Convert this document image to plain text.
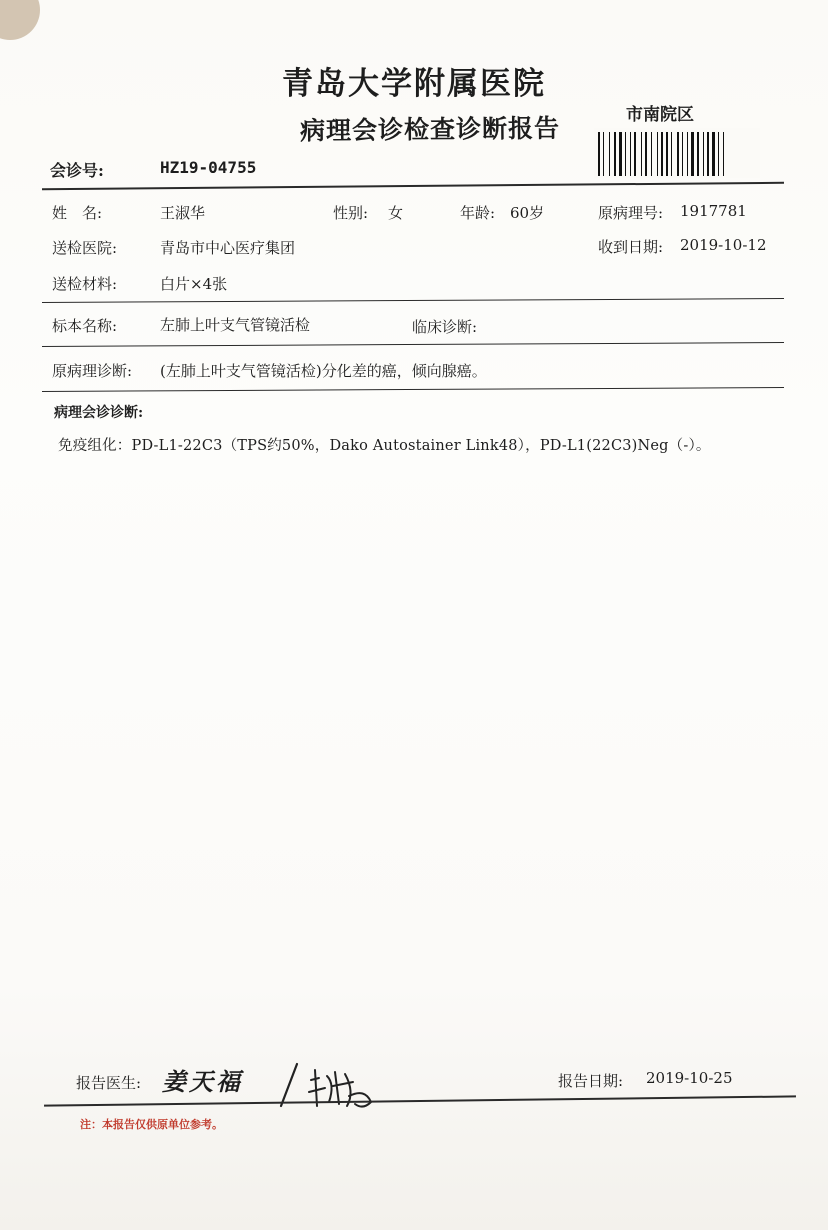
青岛大学附属医院
病理会诊检查诊断报告	市南院区
会诊号:	HZ19-04755
姓　名:	王淑华	性别: 女	年龄: 60岁	原病理号: 1917781
送检医院:	青岛市中心医疗集团	收到日期: 2019-10-12
送检材料:	白片×4张
标本名称:	左肺上叶支气管镜活检	临床诊断:
原病理诊断: (左肺上叶支气管镜活检)分化差的癌，倾向腺癌。
病理会诊诊断:
免疫组化：PD-L1-22C3（TPS约50%，Dako Autostainer Link48），PD-L1(22C3)Neg（-）。
报告医生: 姜天福	报告日期: 2019-10-25
注：本报告仅供原单位参考。
